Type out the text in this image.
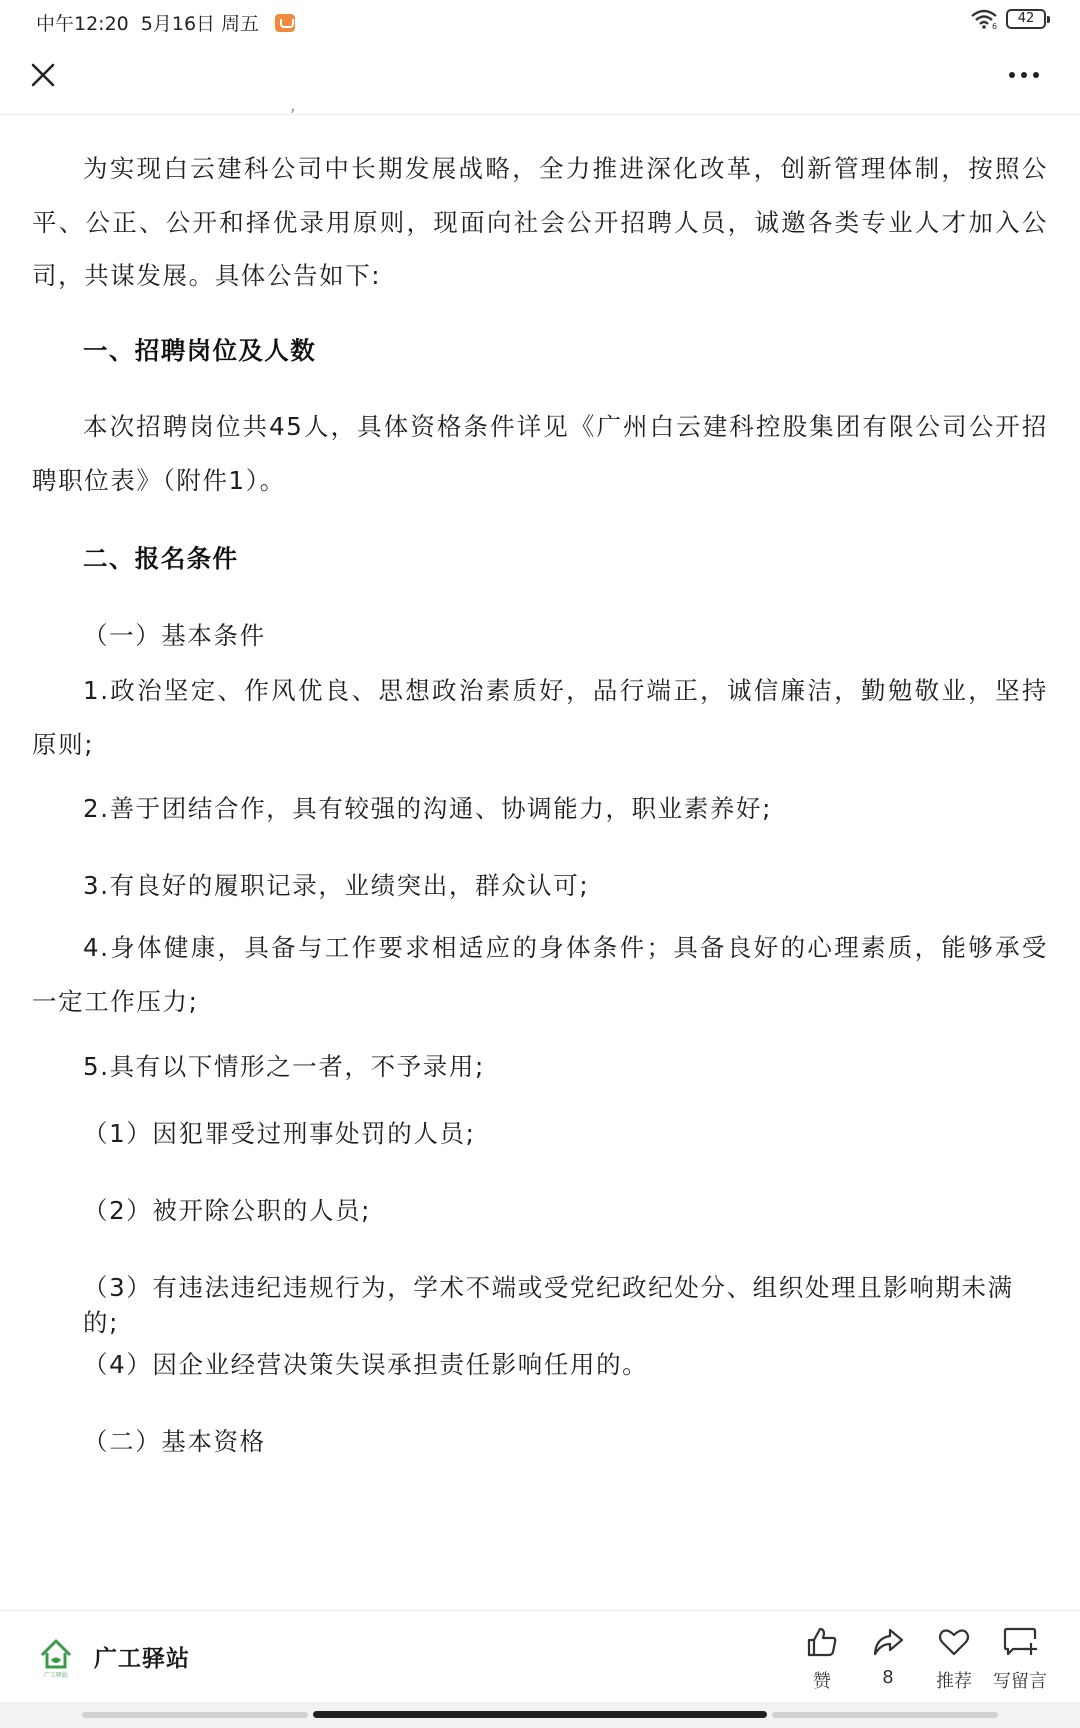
中午12:20 5月16日 周五	6
42
,

为实现白云建科公司中长期发展战略，全力推进深化改革，创新管理体制，按照公平、公正、公开和择优录用原则，现面向社会公开招聘人员，诚邀各类专业人才加入公司，共谋发展。具体公告如下:

一、招聘岗位及人数

本次招聘岗位共45人，具体资格条件详见《广州白云建科控股集团有限公司公开招聘职位表》（附件1）。

二、报名条件
（一）基本条件

1.政治坚定、作风优良、思想政治素质好，品行端正，诚信廉洁，勤勉敬业，坚持原则;

2.善于团结合作，具有较强的沟通、协调能力，职业素养好;

3.有良好的履职记录，业绩突出，群众认可;

4.身体健康，具备与工作要求相适应的身体条件；具备良好的心理素质，能够承受一定工作压力;

5.具有以下情形之一者，不予录用;

（1）因犯罪受过刑事处罚的人员;
（2）被开除公职的人员;
（3）有违法违纪违规行为，学术不端或受党纪政纪处分、组织处理且影响期未满的;
（4）因企业经营决策失误承担责任影响任用的。
（二）基本资格
广工驿站
广工驿站
赞	8	推荐	写留言
